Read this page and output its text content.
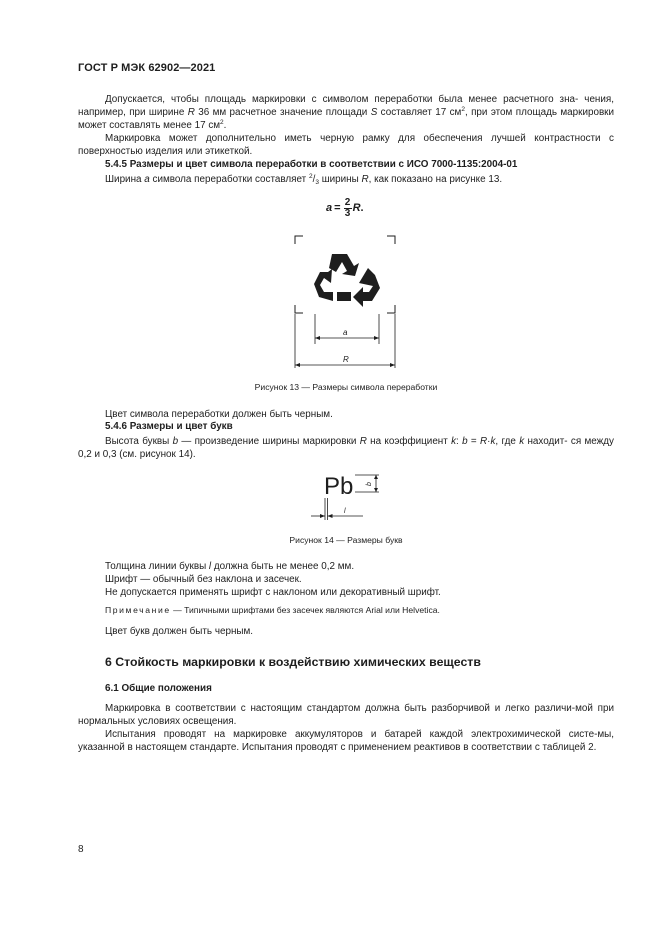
ГОСТ Р МЭК 62902—2021
Допускается, чтобы площадь маркировки с символом переработки была менее расчетного зна- чения, например, при ширине R 36 мм расчетное значение площади S составляет 17 $см^2$, при этом площадь маркировки может составлять менее 17 $см^2$.
Маркировка может дополнительно иметь черную рамку для обеспечения лучшей контрастности с поверхностью изделия или этикеткой.
5.4.5 Размеры и цвет символа переработки в соответствии с ИСО 7000-1135:2004-01
Ширина a символа переработки составляет $^2/_3$ ширины R, как показано на рисунке 13.
$a = \frac{2}{3}$ R .
a
R
Рисунок 13 — Размеры символа переработки
Цвет символа переработки должен быть черным.
5.4.6 Размеры и цвет букв
Высота буквы b — произведение ширины маркировки R на коэффициент k: b = R·k, где k находит- ся между 0,2 и 0,3 (см. рисунок 14).
Pb b
l
Рисунок 14 — Размеры букв
Толщина линии буквы l должна быть не менее 0,2 мм.
Шрифт — обычный без наклона и засечек.
Не допускается применять шрифт с наклоном или декоративный шрифт.
Примечание — Типичными шрифтами без засечек являются Arial или Helvetica.
Цвет букв должен быть черным.
6 Стойкость маркировки к воздействию химических веществ
6.1 Общие положения
Маркировка в соответствии с настоящим стандартом должна быть разборчивой и легко различи-мой при нормальных условиях освещения.
Испытания проводят на маркировке аккумуляторов и батарей каждой электрохимической систе-мы, указанной в настоящем стандарте. Испытания проводят с применением реактивов в соответствии с таблицей 2.
8
